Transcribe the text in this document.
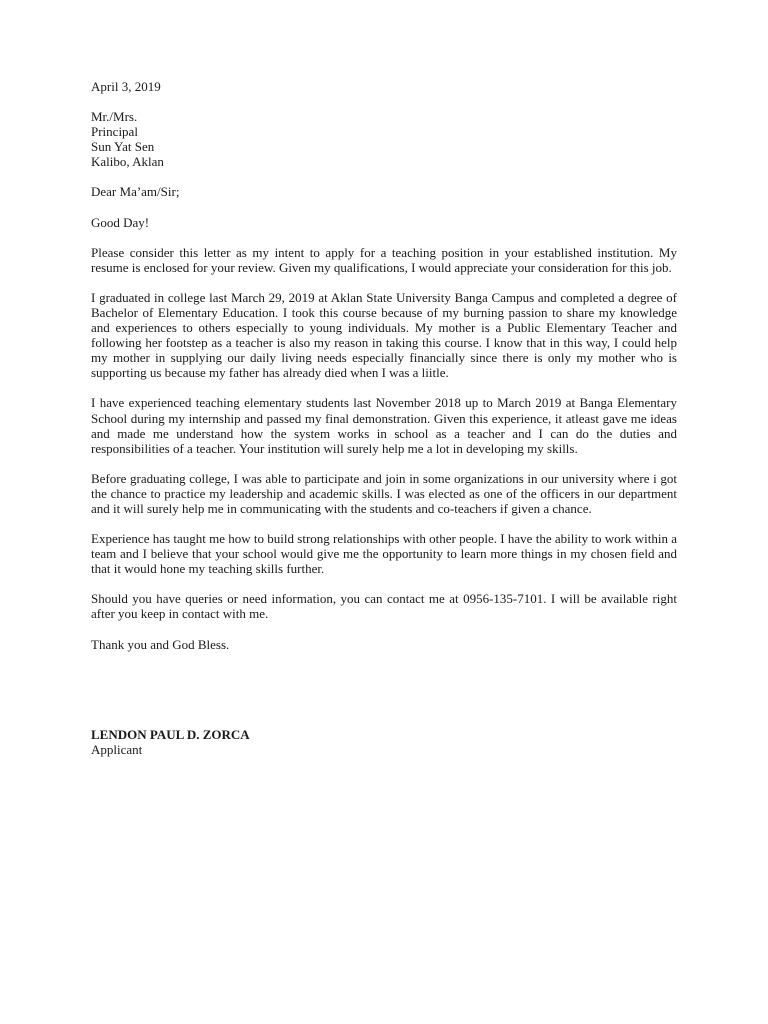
April 3, 2019
Mr./Mrs.
Principal
Sun Yat Sen
Kalibo, Aklan
Dear Ma’am/Sir;
Good Day!
Please consider this letter as my intent to apply for a teaching position in your established institution. My resume is enclosed for your review. Given my qualifications, I would appreciate your consideration for this job.
I graduated in college last March 29, 2019 at Aklan State University Banga Campus and completed a degree of Bachelor of Elementary Education. I took this course because of my burning passion to share my knowledge and experiences to others especially to young individuals. My mother is a Public Elementary Teacher and following her footstep as a teacher is also my reason in taking this course. I know that in this way, I could help my mother in supplying our daily living needs especially financially since there is only my mother who is supporting us because my father has already died when I was a liitle.
I have experienced teaching elementary students last November 2018 up to March 2019 at Banga Elementary School during my internship and passed my final demonstration. Given this experience, it atleast gave me ideas and made me understand how the system works in school as a teacher and I can do the duties and responsibilities of a teacher. Your institution will surely help me a lot in developing my skills.
Before graduating college, I was able to participate and join in some organizations in our university where i got the chance to practice my leadership and academic skills. I was elected as one of the officers in our department and it will surely help me in communicating with the students and co-teachers if given a chance.
Experience has taught me how to build strong relationships with other people. I have the ability to work within a team and I believe that your school would give me the opportunity to learn more things in my chosen field and that it would hone my teaching skills further.
Should you have queries or need information, you can contact me at 0956-135-7101. I will be available right after you keep in contact with me.
Thank you and God Bless.
LENDON PAUL D. ZORCA
Applicant
